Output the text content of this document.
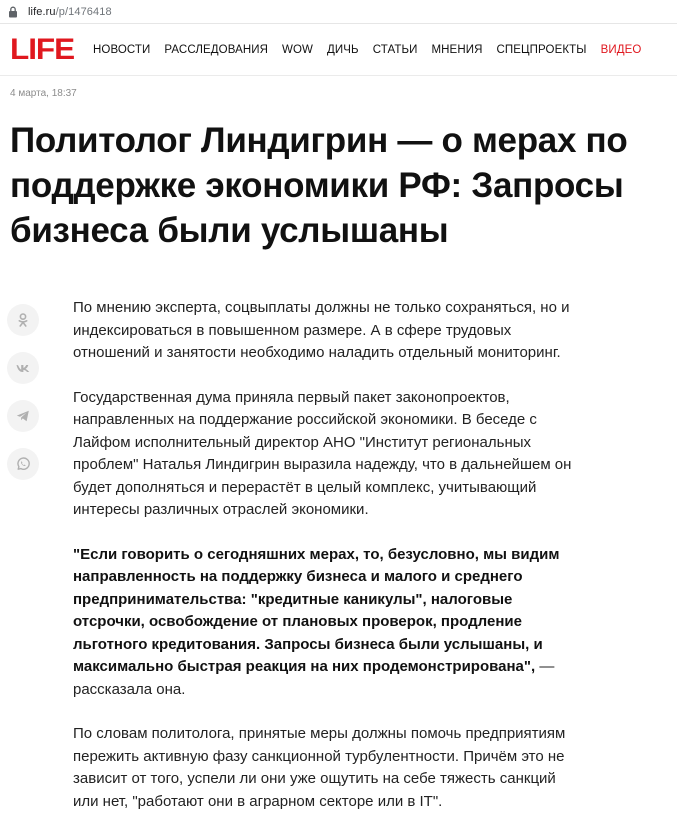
life.ru/p/1476418
LIFE НОВОСТИ РАССЛЕДОВАНИЯ WOW ДИЧЬ СТАТЬИ МНЕНИЯ СПЕЦПРОЕКТЫ ВИДЕО
4 марта, 18:37
Политолог Линдигрин — о мерах по поддержке экономики РФ: Запросы бизнеса были услышаны

По мнению эксперта, соцвыплаты должны не только сохраняться, но и индексироваться в повышенном размере. А в сфере трудовых отношений и занятости необходимо наладить отдельный мониторинг.

Государственная дума приняла первый пакет законопроектов, направленных на поддержание российской экономики. В беседе с Лайфом исполнительный директор АНО "Институт региональных проблем" Наталья Линдигрин выразила надежду, что в дальнейшем он будет дополняться и перерастёт в целый комплекс, учитывающий интересы различных отраслей экономики.

"Если говорить о сегодняшних мерах, то, безусловно, мы видим направленность на поддержку бизнеса и малого и среднего предпринимательства: "кредитные каникулы", налоговые отсрочки, освобождение от плановых проверок, продление льготного кредитования. Запросы бизнеса были услышаны, и максимально быстрая реакция на них продемонстрирована", — рассказала она.

По словам политолога, принятые меры должны помочь предприятиям пережить активную фазу санкционной турбулентности. Причём это не зависит от того, успели ли они уже ощутить на себе тяжесть санкций или нет, "работают они в аграрном секторе или в IT".
